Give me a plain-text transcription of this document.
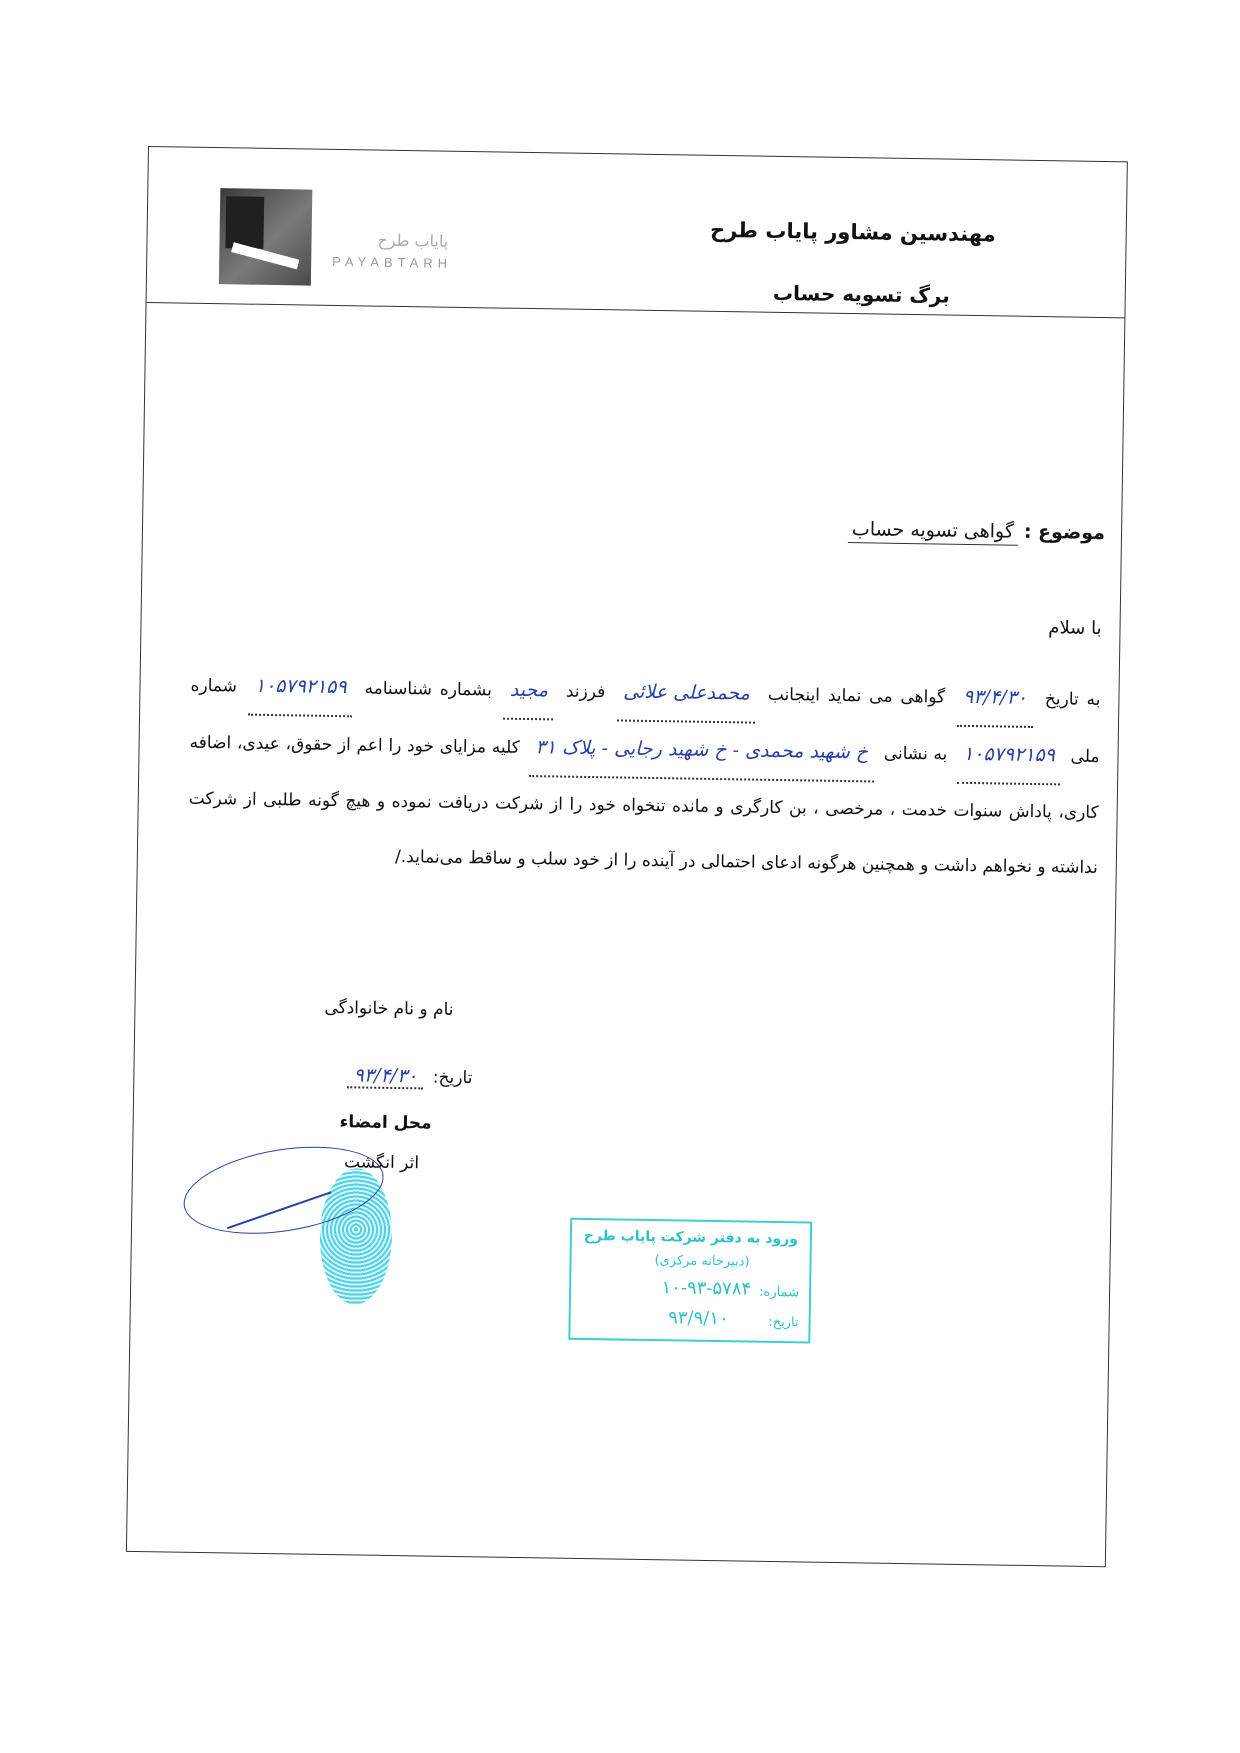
پایاب طرح
PAYABTARH
مهندسین مشاور پایاب طرح
برگ تسویه حساب
موضوع : گواهی تسویه حساب
با سلام
به تاریخ ۹۳/۴/۳۰ گواهی می نماید اینجانب محمدعلی علائی فرزند مجید بشماره شناسنامه ۱۰۵۷۹۲۱۵۹ شماره ملی ۱۰۵۷۹۲۱۵۹ به نشانی خ شهید محمدی - خ شهید رجایی - پلاک ۳۱ کلیه مزایای خود را اعم از حقوق، عیدی، اضافه کاری، پاداش سنوات خدمت ، مرخصی ، بن کارگری و مانده تنخواه خود را از شرکت دریافت نموده و هیچ گونه طلبی از شرکت نداشته و نخواهم داشت و همچنین هرگونه ادعای احتمالی در آینده را از خود سلب و ساقط می‌نماید./
نام و نام خانوادگی
تاریخ: ۹۳/۴/۳۰
محل امضاء
اثر انگشت
ورود به دفتر شرکت پایاب طرح
(دبیرخانه مرکزی)
شماره:
۱۰-۹۳-۵۷۸۴
تاریخ:
۹۳/۹/۱۰
